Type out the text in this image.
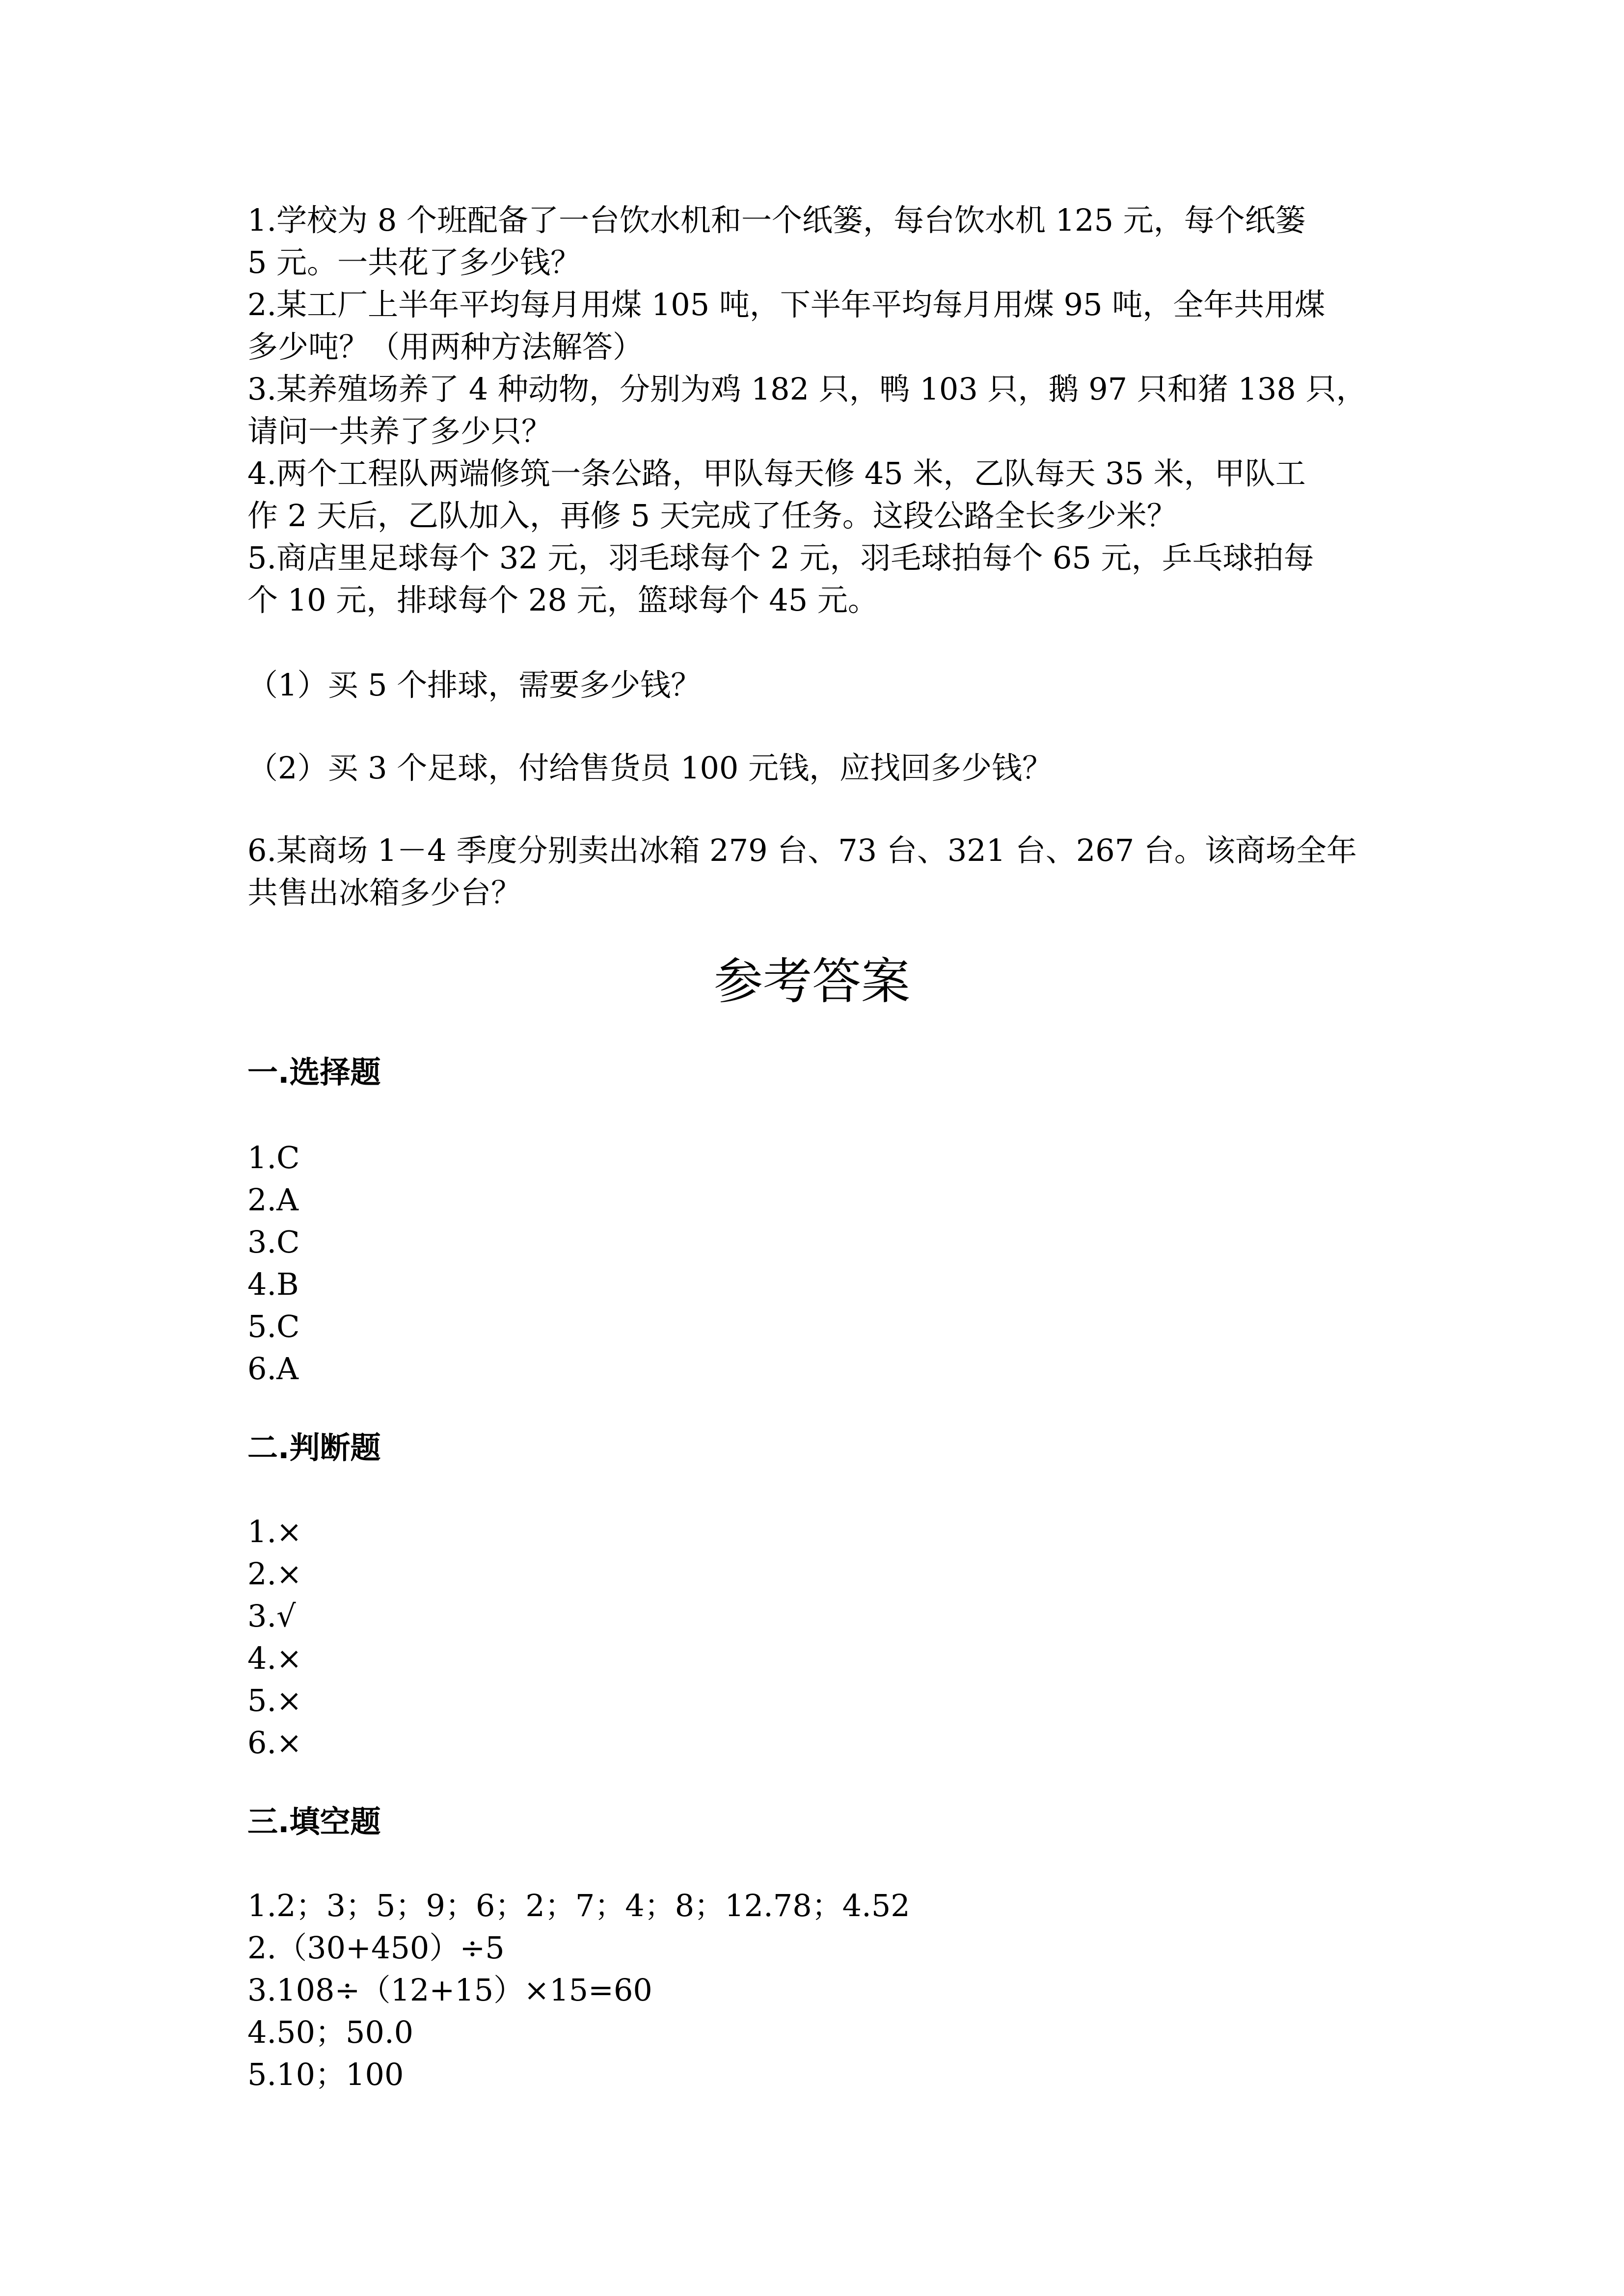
1.学校为 8 个班配备了一台饮水机和一个纸篓，每台饮水机 125 元，每个纸篓
5 元。一共花了多少钱？
2.某工厂上半年平均每月用煤 105 吨，下半年平均每月用煤 95 吨，全年共用煤
多少吨？（用两种方法解答）
3.某养殖场养了 4 种动物，分别为鸡 182 只，鸭 103 只，鹅 97 只和猪 138 只，
请问一共养了多少只？
4.两个工程队两端修筑一条公路，甲队每天修 45 米，乙队每天 35 米，甲队工
作 2 天后，乙队加入，再修 5 天完成了任务。这段公路全长多少米？
5.商店里足球每个 32 元，羽毛球每个 2 元，羽毛球拍每个 65 元，乒乓球拍每
个 10 元，排球每个 28 元，篮球每个 45 元。
（1）买 5 个排球，需要多少钱？
（2）买 3 个足球，付给售货员 100 元钱，应找回多少钱？
6.某商场 1－4 季度分别卖出冰箱 279 台、73 台、321 台、267 台。该商场全年
共售出冰箱多少台？
参考答案
一.选择题
1.C
2.A
3.C
4.B
5.C
6.A
二.判断题
1.×
2.×
3.√
4.×
5.×
6.×
三.填空题
1.2；3；5；9；6；2；7；4；8；12.78；4.52
2.（30+450）÷5
3.108÷（12+15）×15=60
4.50；50.0
5.10；100
